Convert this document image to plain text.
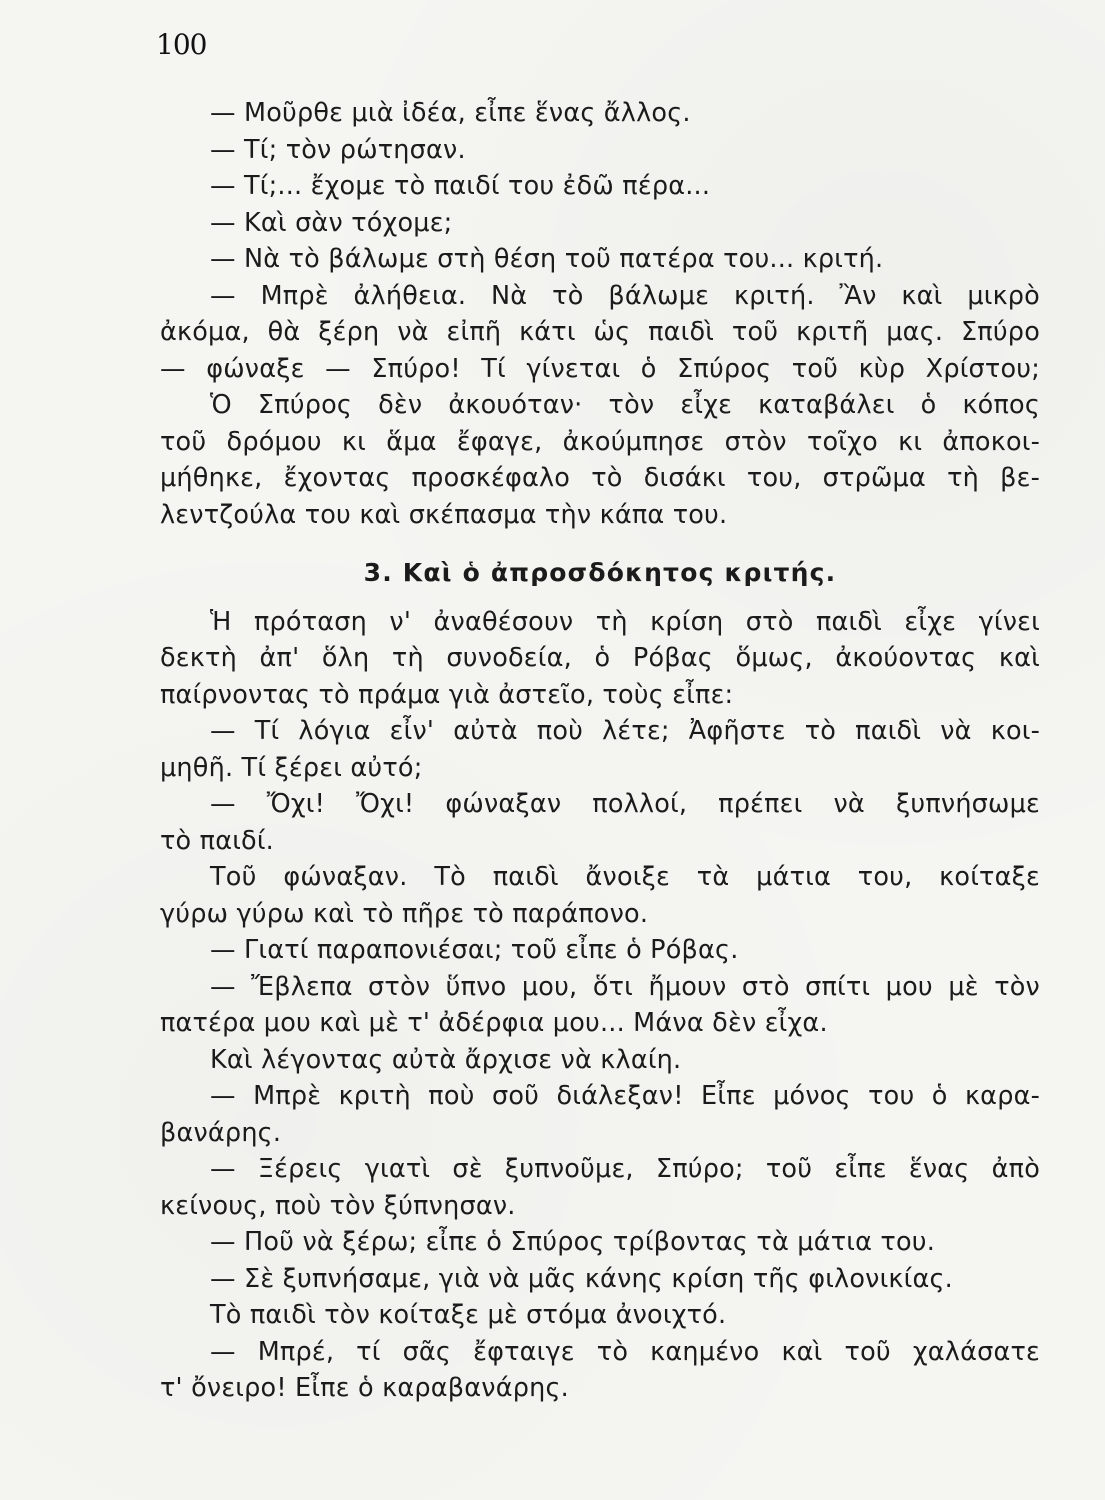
100
— Μοῦρθε μιὰ ἰδέα, εἶπε ἕνας ἄλλος.
— Τί; τὸν ρώτησαν.
— Τί;... ἔχομε τὸ παιδί του ἐδῶ πέρα...
— Καὶ σὰν τόχομε;
— Νὰ τὸ βάλωμε στὴ θέση τοῦ πατέρα του... κριτή.
— Μπρὲ ἀλήθεια. Νὰ τὸ βάλωμε κριτή. Ἂν καὶ μικρὸ
ἀκόμα, θὰ ξέρη νὰ εἰπῆ κάτι ὡς παιδὶ τοῦ κριτῆ μας. Σπύρο
— φώναξε — Σπύρο! Τί γίνεται ὁ Σπύρος τοῦ κὺρ Χρίστου;
Ὁ Σπύρος δὲν ἀκουόταν· τὸν εἶχε καταβάλει ὁ κόπος
τοῦ δρόμου κι ἅμα ἔφαγε, ἀκούμπησε στὸν τοῖχο κι ἀποκοι-
μήθηκε, ἔχοντας προσκέφαλο τὸ δισάκι του, στρῶμα τὴ βε-
λεντζούλα του καὶ σκέπασμα τὴν κάπα του.
3. Καὶ ὁ ἀπροσδόκητος κριτής.
Ἡ πρόταση ν' ἀναθέσουν τὴ κρίση στὸ παιδὶ εἶχε γίνει
δεκτὴ ἀπ' ὅλη τὴ συνοδεία, ὁ Ρόβας ὅμως, ἀκούοντας καὶ
παίρνοντας τὸ πράμα γιὰ ἀστεῖο, τοὺς εἶπε:
— Τί λόγια εἶν' αὐτὰ ποὺ λέτε; Ἀφῆστε τὸ παιδὶ νὰ κοι-
μηθῆ. Τί ξέρει αὐτό;
— Ὄχι! Ὄχι! φώναξαν πολλοί, πρέπει νὰ ξυπνήσωμε
τὸ παιδί.
Τοῦ φώναξαν. Τὸ παιδὶ ἄνοιξε τὰ μάτια του, κοίταξε
γύρω γύρω καὶ τὸ πῆρε τὸ παράπονο.
— Γιατί παραπονιέσαι; τοῦ εἶπε ὁ Ρόβας.
— Ἔβλεπα στὸν ὕπνο μου, ὅτι ἤμουν στὸ σπίτι μου μὲ τὸν
πατέρα μου καὶ μὲ τ' ἀδέρφια μου... Μάνα δὲν εἶχα.
Καὶ λέγοντας αὐτὰ ἄρχισε νὰ κλαίη.
— Μπρὲ κριτὴ ποὺ σοῦ διάλεξαν! Εἶπε μόνος του ὁ καρα-
βανάρης.
— Ξέρεις γιατὶ σὲ ξυπνοῦμε, Σπύρο; τοῦ εἶπε ἕνας ἀπὸ
κείνους, ποὺ τὸν ξύπνησαν.
— Ποῦ νὰ ξέρω; εἶπε ὁ Σπύρος τρίβοντας τὰ μάτια του.
— Σὲ ξυπνήσαμε, γιὰ νὰ μᾶς κάνης κρίση τῆς φιλονικίας.
Τὸ παιδὶ τὸν κοίταξε μὲ στόμα ἀνοιχτό.
— Μπρέ, τί σᾶς ἔφταιγε τὸ καημένο καὶ τοῦ χαλάσατε
τ' ὄνειρο! Εἶπε ὁ καραβανάρης.
